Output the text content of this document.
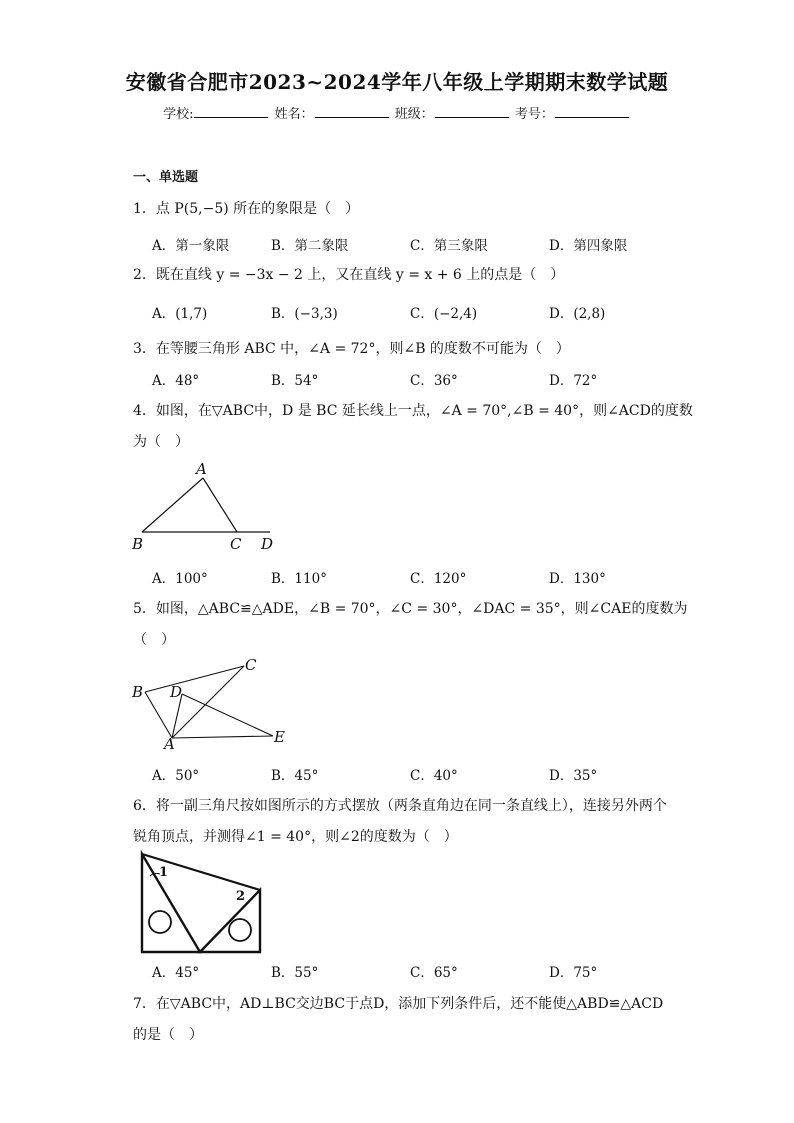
安徽省合肥市2023~2024学年八年级上学期期末数学试题
学校:	姓名：	班级：	考号：
一、单选题
1．点 P(5,−5) 所在的象限是（　）
A．第一象限	B．第二象限	C．第三象限	D．第四象限
2．既在直线 y = −3x − 2 上，又在直线 y = x + 6 上的点是（　）
A．(1,7)	B．(−3,3)	C．(−2,4)	D．(2,8)
3．在等腰三角形 ABC 中，∠A = 72°，则∠B 的度数不可能为（　）
A．48°	B．54°	C．36°	D．72°
4．如图，在▽ABC中，D 是 BC 延长线上一点，∠A = 70°,∠B = 40°，则∠ACD的度数
为（　）
A
B	C D
A．100°	B．110°	C．120°	D．130°
5．如图，△ABC≌△ADE，∠B = 70°，∠C = 30°，∠DAC = 35°，则∠CAE的度数为
（　）
C
B D
A	E
A．50°	B．45°	C．40°	D．35°
6．将一副三角尺按如图所示的方式摆放（两条直角边在同一条直线上），连接另外两个
锐角顶点，并测得∠1 = 40°，则∠2的度数为（　）
1
2
A．45°	B．55°	C．65°	D．75°
7．在▽ABC中，AD⊥BC交边BC于点D，添加下列条件后，还不能使△ABD≌△ACD
的是（　）
